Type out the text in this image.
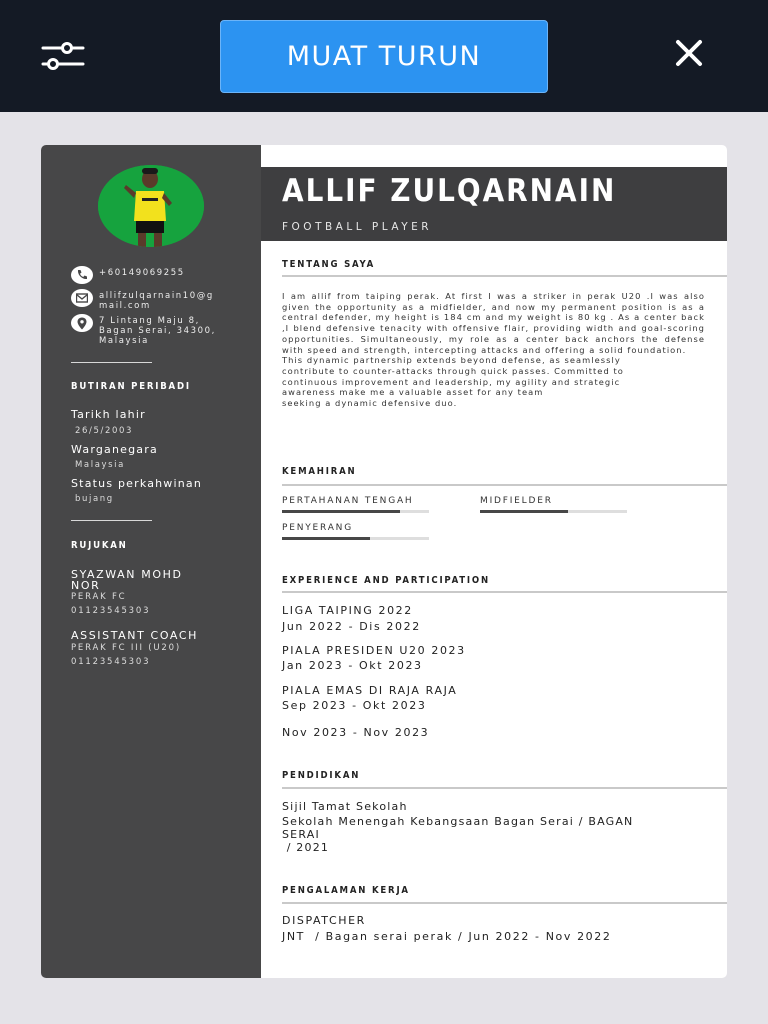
MUAT TURUN
+60149069255
allifzulqarnain10@g
mail.com
7 Lintang Maju 8,
Bagan Serai, 34300,
Malaysia
BUTIRAN PERIBADI
Tarikh lahir
26/5/2003
Warganegara
Malaysia
Status perkahwinan
bujang
RUJUKAN
SYAZWAN MOHD
NOR
PERAK FC
01123545303
ASSISTANT COACH
PERAK FC III (U20)
01123545303
ALLIF ZULQARNAIN
FOOTBALL PLAYER
TENTANG SAYA

I am allif from taiping perak. At first I was a striker in perak U20 .I was also given the opportunity as a midfielder, and now my permanent position is as a central defender, my height is 184 cm and my weight is 80 kg . As a center back ,I blend defensive tenacity with offensive flair, providing width and goal-scoring opportunities. Simultaneously, my role as a center back anchors the defense with speed and strength, intercepting attacks and offering a solid foundation.

This dynamic partnership extends beyond defense, as seamlessly
contribute to counter-attacks through quick passes. Committed to
continuous improvement and leadership, my agility and strategic
awareness make me a valuable asset for any team
seeking a dynamic defensive duo.
KEMAHIRAN
PERTAHANAN TENGAH	MIDFIELDER
PENYERANG
EXPERIENCE AND PARTICIPATION
LIGA TAIPING 2022
Jun 2022 - Dis 2022
PIALA PRESIDEN U20 2023
Jan 2023 - Okt 2023
PIALA EMAS DI RAJA RAJA
Sep 2023 - Okt 2023
Nov 2023 - Nov 2023
PENDIDIKAN
Sijil Tamat Sekolah
Sekolah Menengah Kebangsaan Bagan Serai / BAGAN
SERAI
/ 2021
PENGALAMAN KERJA
DISPATCHER
JNT  / Bagan serai perak / Jun 2022 - Nov 2022
